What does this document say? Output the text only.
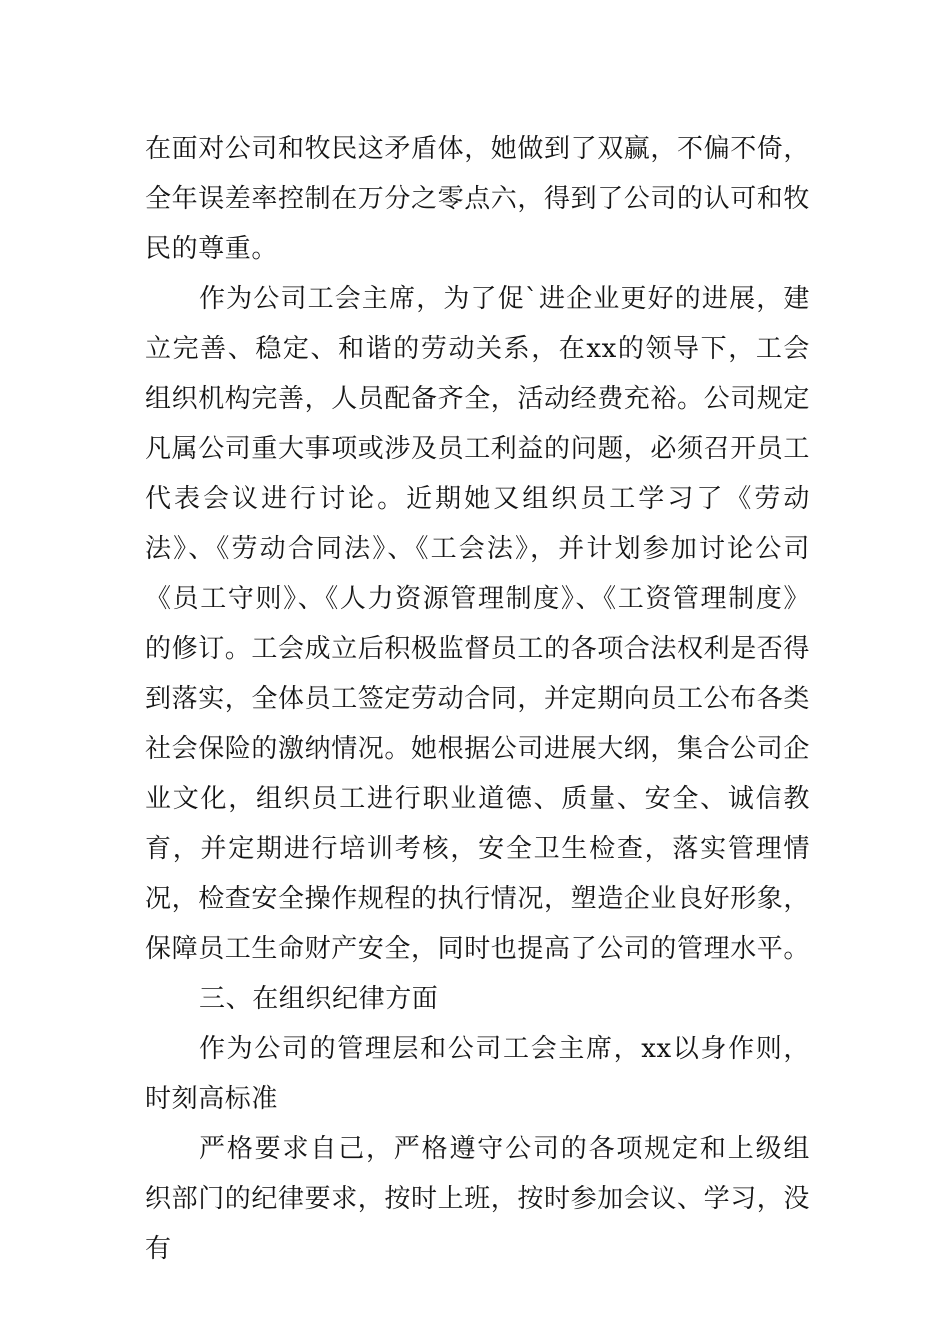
在面对公司和牧民这矛盾体，她做到了双赢，不偏不倚，全年误差率控制在万分之零点六，得到了公司的认可和牧民的尊重。

作为公司工会主席，为了促`进企业更好的进展，建立完善、稳定、和谐的劳动关系，在xx的领导下，工会组织机构完善，人员配备齐全，活动经费充裕。公司规定凡属公司重大事项或涉及员工利益的问题，必须召开员工代表会议进行讨论。近期她又组织员工学习了《劳动法》、《劳动合同法》、《工会法》，并计划参加讨论公司《员工守则》、《人力资源管理制度》、《工资管理制度》的修订。工会成立后积极监督员工的各项合法权利是否得到落实，全体员工签定劳动合同，并定期向员工公布各类社会保险的激纳情况。她根据公司进展大纲，集合公司企业文化，组织员工进行职业道德、质量、安全、诚信教育，并定期进行培训考核，安全卫生检查，落实管理情况，检查安全操作规程的执行情况，塑造企业良好形象，保障员工生命财产安全，同时也提高了公司的管理水平。

三、在组织纪律方面

作为公司的管理层和公司工会主席，xx以身作则，时刻高标准

严格要求自己，严格遵守公司的各项规定和上级组织部门的纪律要求，按时上班，按时参加会议、学习，没有
